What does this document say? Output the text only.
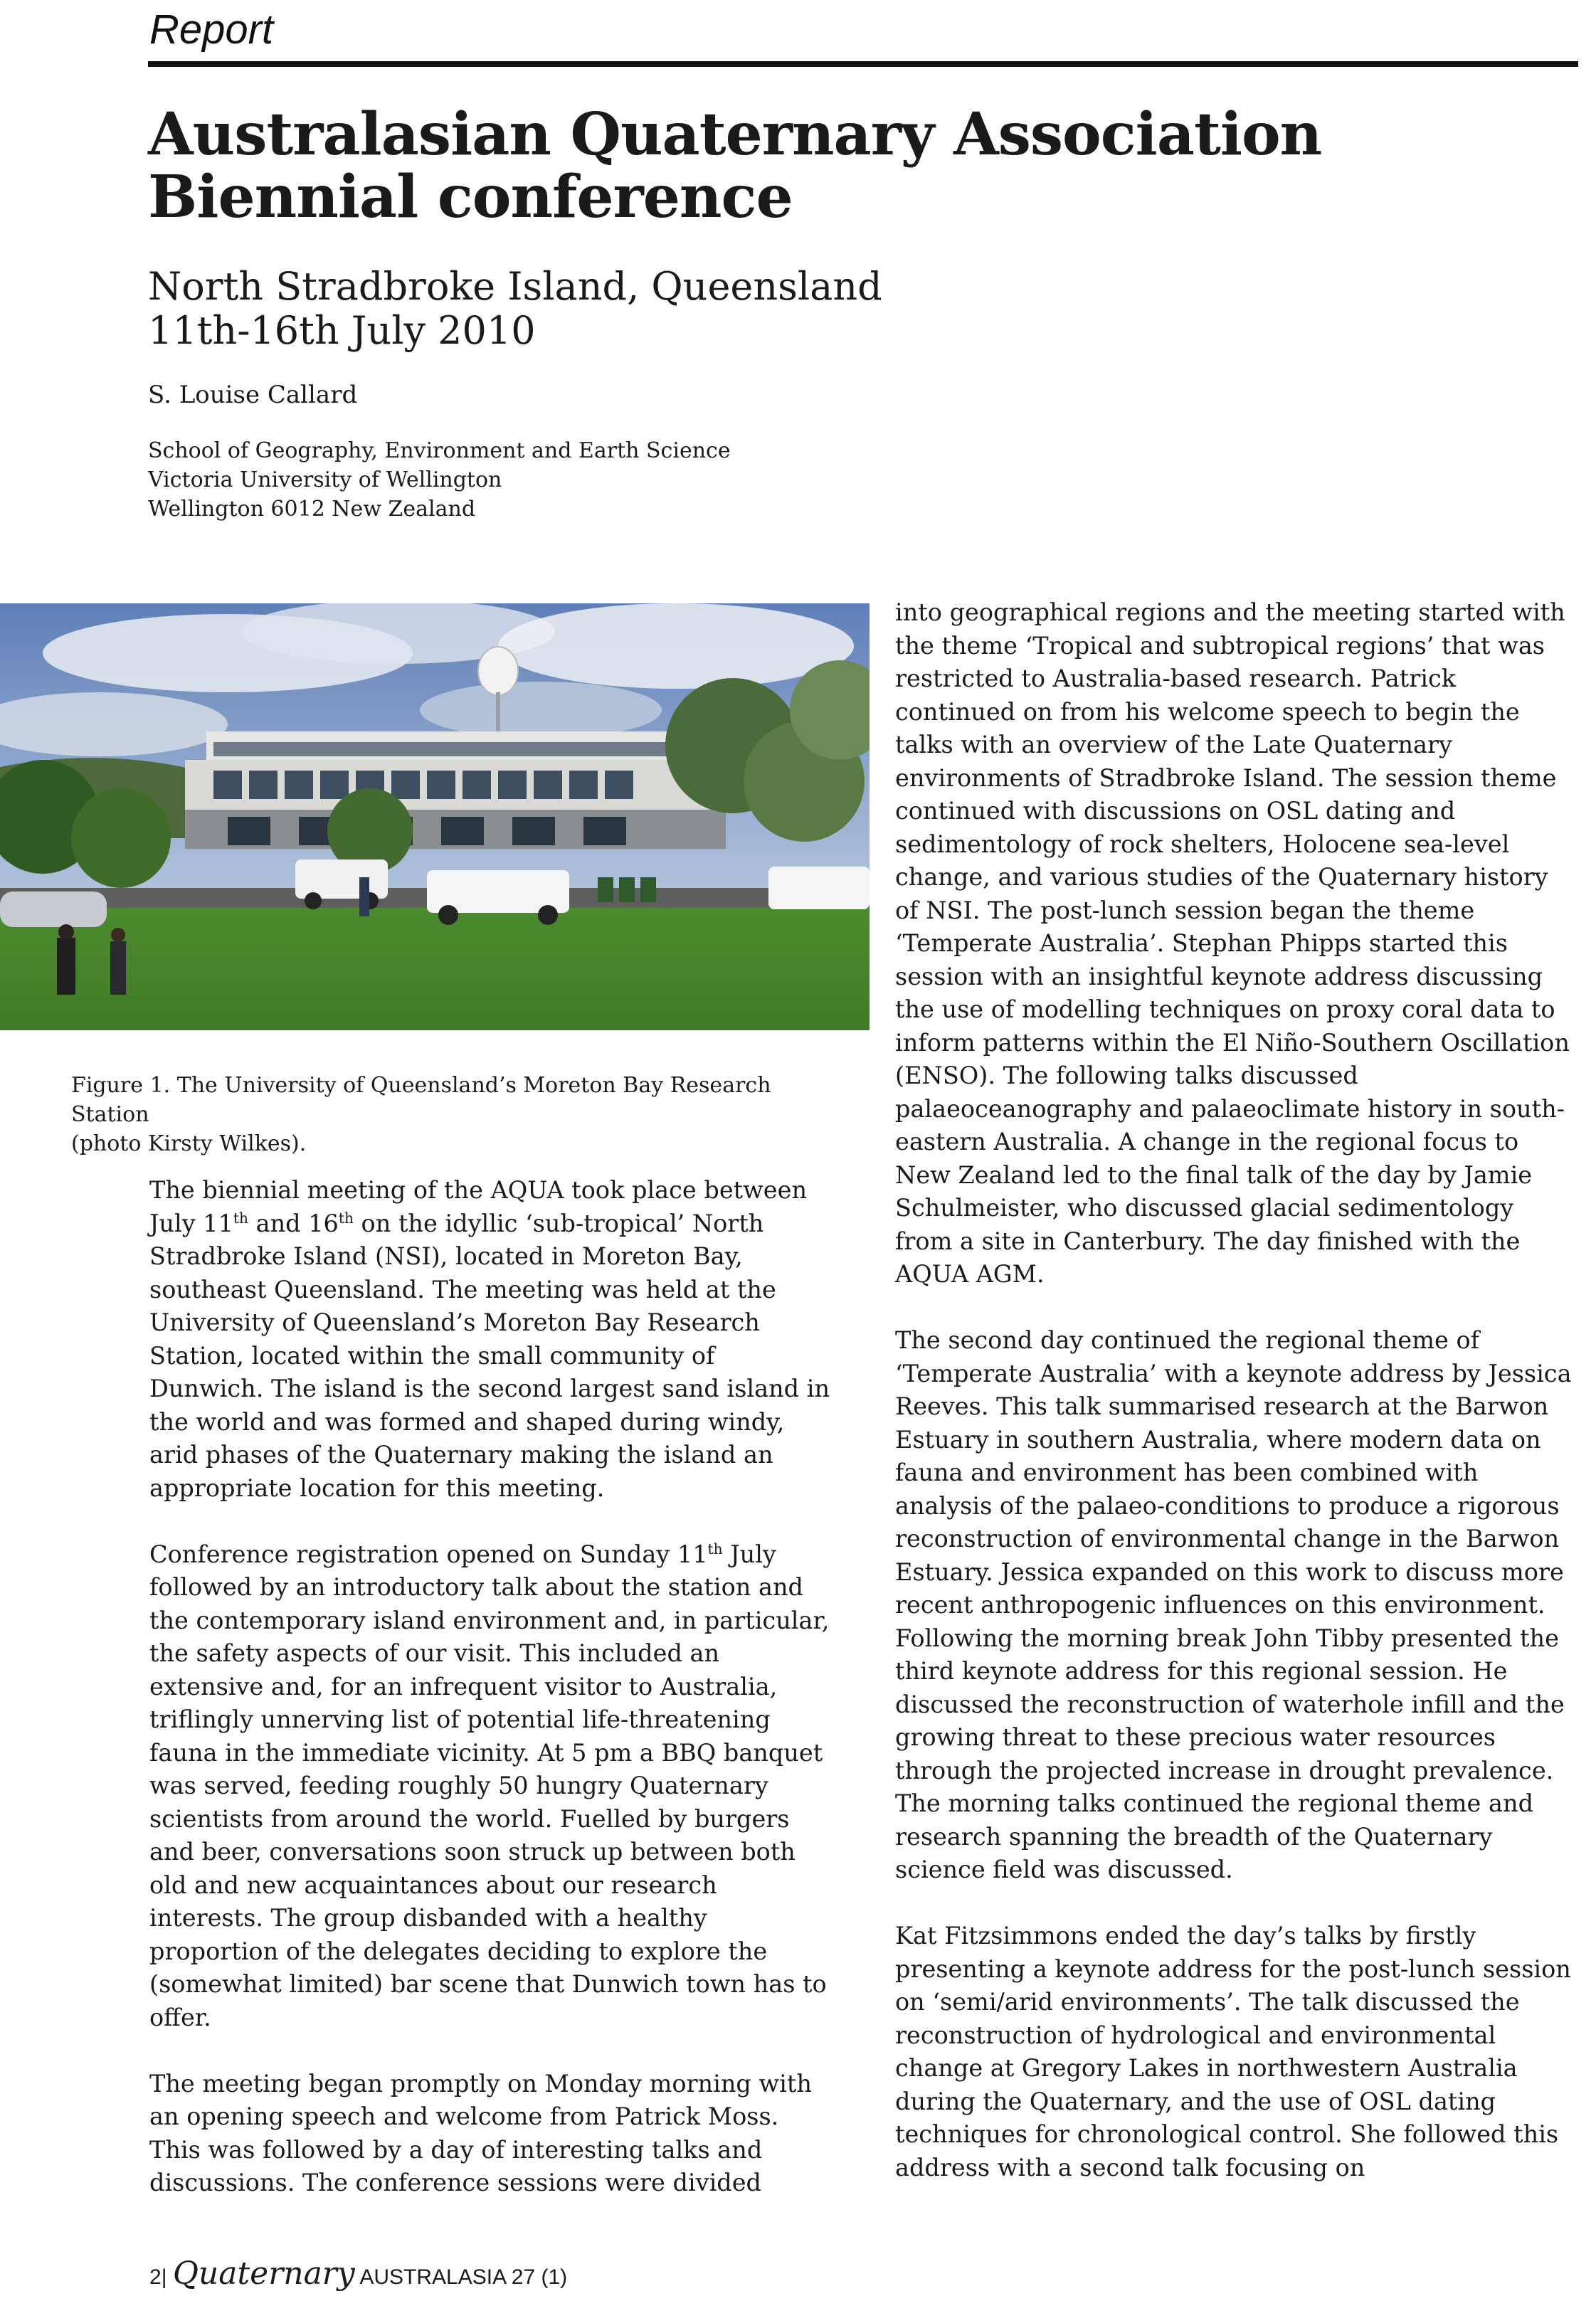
Report
Australasian Quaternary Association Biennial conference
North Stradbroke Island, Queensland
11th-16th July 2010
S. Louise Callard
School of Geography, Environment and Earth Science
Victoria University of Wellington
Wellington 6012 New Zealand
Figure 1. The University of Queensland’s Moreton Bay Research Station
(photo Kirsty Wilkes).

The biennial meeting of the AQUA took place between July 11th and 16th on the idyllic ‘sub-tropical’ North Stradbroke Island (NSI), located in Moreton Bay, southeast Queensland. The meeting was held at the University of Queensland’s Moreton Bay Research Station, located within the small community of Dunwich. The island is the second largest sand island in the world and was formed and shaped during windy, arid phases of the Quaternary making the island an appropriate location for this meeting.

Conference registration opened on Sunday 11th July followed by an introductory talk about the station and the contemporary island environment and, in particular, the safety aspects of our visit. This included an extensive and, for an infrequent visitor to Australia, triflingly unnerving list of potential life-threatening fauna in the immediate vicinity. At 5 pm a BBQ banquet was served, feeding roughly 50 hungry Quaternary scientists from around the world. Fuelled by burgers and beer, conversations soon struck up between both old and new acquaintances about our research interests. The group disbanded with a healthy proportion of the delegates deciding to explore the (somewhat limited) bar scene that Dunwich town has to offer.

The meeting began promptly on Monday morning with an opening speech and welcome from Patrick Moss. This was followed by a day of interesting talks and discussions. The conference sessions were divided

into geographical regions and the meeting started with the theme ‘Tropical and subtropical regions’ that was restricted to Australia-based research. Patrick continued on from his welcome speech to begin the talks with an overview of the Late Quaternary environments of Stradbroke Island. The session theme continued with discussions on OSL dating and sedimentology of rock shelters, Holocene sea-level change, and various studies of the Quaternary history of NSI. The post-lunch session began the theme ‘Temperate Australia’. Stephan Phipps started this session with an insightful keynote address discussing the use of modelling techniques on proxy coral data to inform patterns within the El Niño-Southern Oscillation (ENSO). The following talks discussed palaeoceanography and palaeoclimate history in south-eastern Australia. A change in the regional focus to New Zealand led to the final talk of the day by Jamie Schulmeister, who discussed glacial sedimentology from a site in Canterbury. The day finished with the AQUA AGM.

The second day continued the regional theme of ‘Temperate Australia’ with a keynote address by Jessica Reeves. This talk summarised research at the Barwon Estuary in southern Australia, where modern data on fauna and environment has been combined with analysis of the palaeo-conditions to produce a rigorous reconstruction of environmental change in the Barwon Estuary. Jessica expanded on this work to discuss more recent anthropogenic influences on this environment. Following the morning break John Tibby presented the third keynote address for this regional session. He discussed the reconstruction of waterhole infill and the growing threat to these precious water resources through the projected increase in drought prevalence. The morning talks continued the regional theme and research spanning the breadth of the Quaternary science field was discussed.

Kat Fitzsimmons ended the day’s talks by firstly presenting a keynote address for the post-lunch session on ‘semi/arid environments’. The talk discussed the reconstruction of hydrological and environmental change at Gregory Lakes in northwestern Australia during the Quaternary, and the use of OSL dating techniques for chronological control. She followed this address with a second talk focusing on

2| Quaternary AUSTRALASIA 27 (1)
